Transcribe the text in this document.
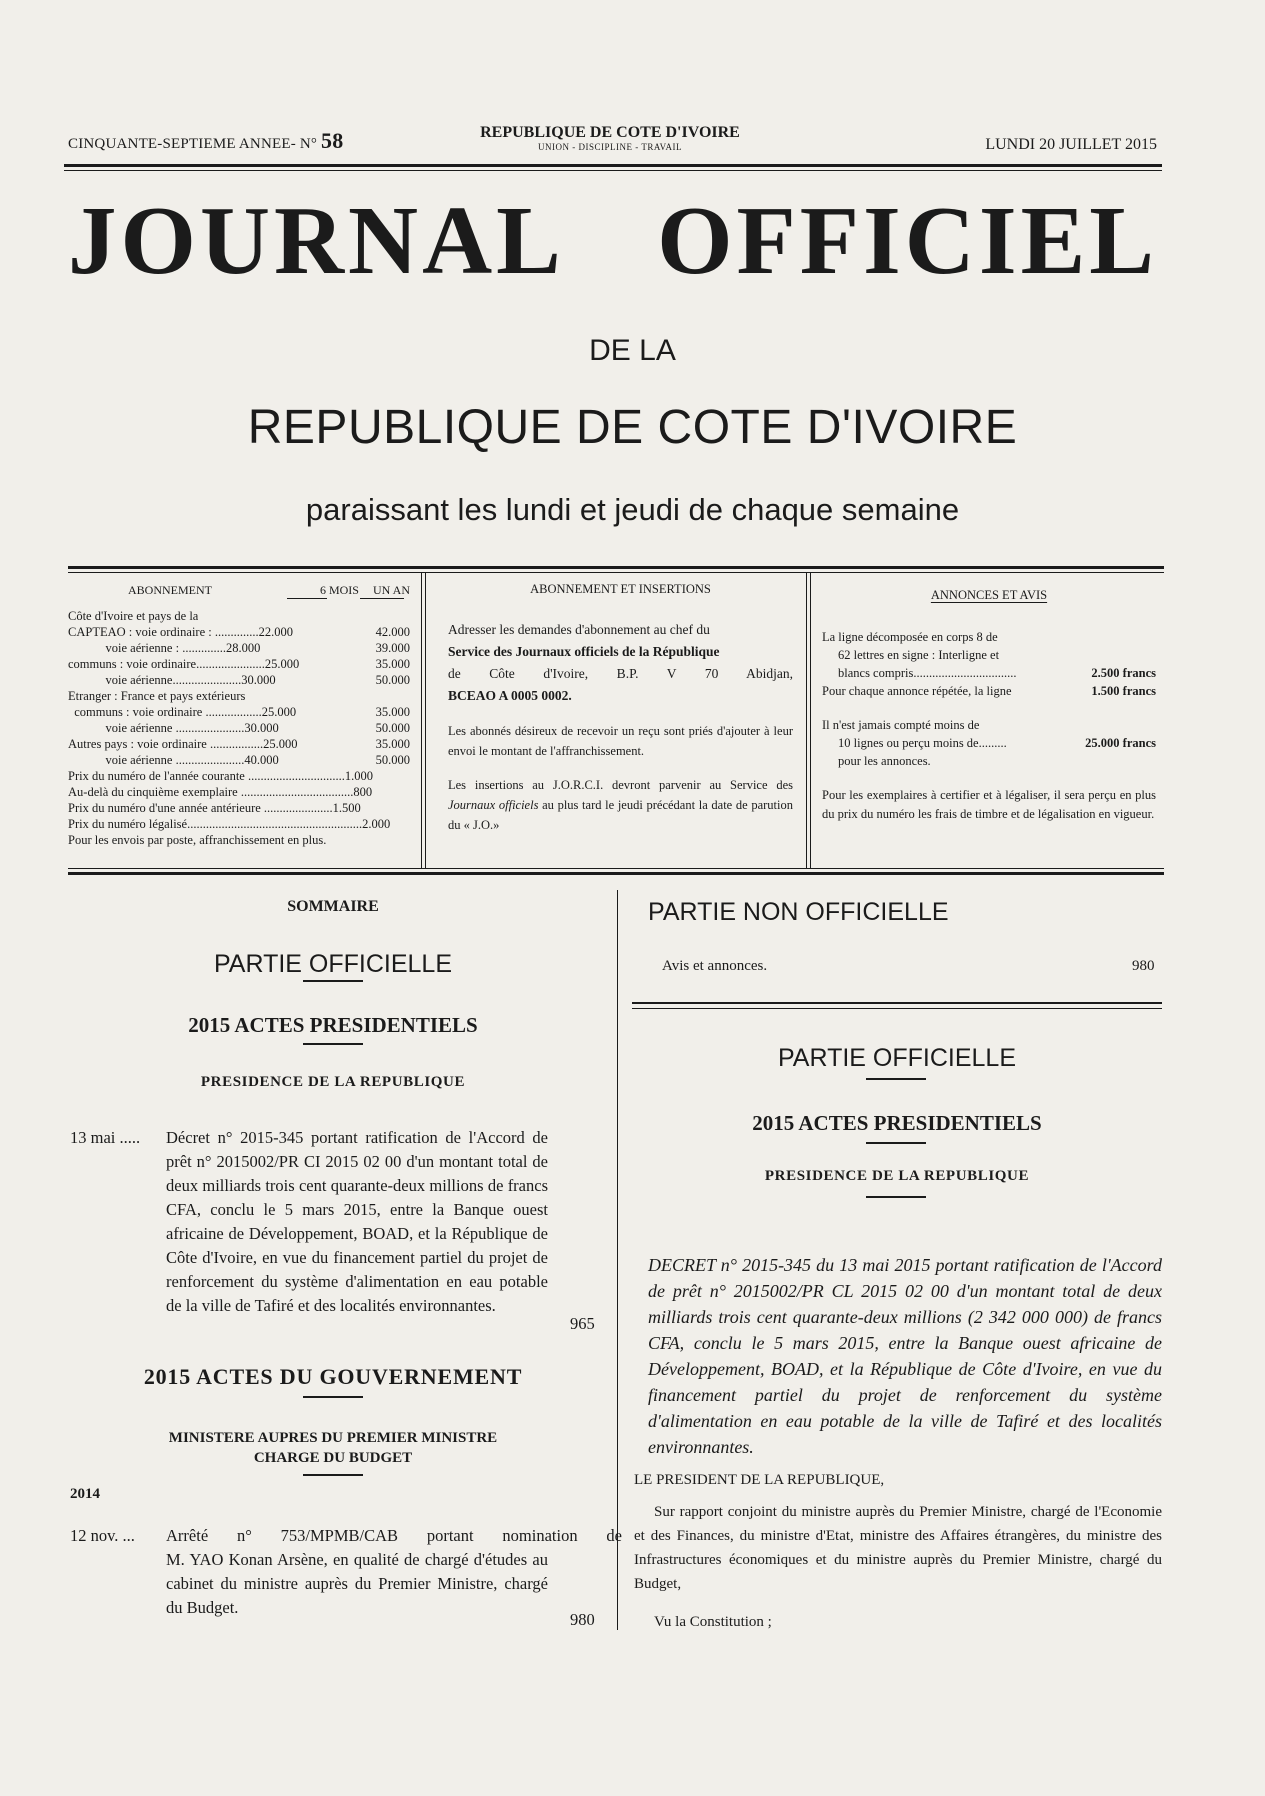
CINQUANTE-SEPTIEME ANNEE- N° 58	REPUBLIQUE DE COTE D'IVOIRE
UNION - DISCIPLINE - TRAVAIL	LUNDI 20 JUILLET 2015
JOURNAL OFFICIEL
DE LA
REPUBLIQUE DE COTE D'IVOIRE
paraissant les lundi et jeudi de chaque semaine
ABONNEMENT	6 MOIS UN AN
Côte d'Ivoire et pays de la
CAPTEAO : voie ordinaire : ..............22.000	42.000
voie aérienne : ..............28.000	39.000
communs : voie ordinaire......................25.000	35.000
voie aérienne......................30.000	50.000
Etranger : France et pays extérieurs
communs : voie ordinaire ..................25.000	35.000
voie aérienne ......................30.000	50.000
Autres pays : voie ordinaire .................25.000	35.000
voie aérienne ......................40.000	50.000
Prix du numéro de l'année courante ...............................1.000
Au-delà du cinquième exemplaire ....................................800
Prix du numéro d'une année antérieure ......................1.500
Prix du numéro légalisé........................................................2.000
Pour les envois par poste, affranchissement en plus.
ABONNEMENT ET INSERTIONS
Adresser les demandes d'abonnement au chef du
Service des Journaux officiels de la République
de Côte d'Ivoire, B.P. V 70 Abidjan,
BCEAO A 0005 0002.
Les abonnés désireux de recevoir un reçu sont priés d'ajouter à leur envoi le montant de l'affranchissement.
Les insertions au J.O.R.C.I. devront parvenir au Service des Journaux officiels au plus tard le jeudi précédant la date de parution du « J.O.»
ANNONCES ET AVIS
La ligne décomposée en corps 8 de
62 lettres en signe : Interligne et
blancs compris.................................	2.500 francs
Pour chaque annonce répétée, la ligne	1.500 francs
Il n'est jamais compté moins de
10 lignes ou perçu moins de.........	25.000 francs
pour les annonces.
Pour les exemplaires à certifier et à légaliser, il sera perçu en plus du prix du numéro les frais de timbre et de légalisation en vigueur.
SOMMAIRE
PARTIE OFFICIELLE
2015 ACTES PRESIDENTIELS
PRESIDENCE DE LA REPUBLIQUE
13 mai ..... Décret n° 2015-345 portant ratification de l'Accord de prêt n° 2015002/PR CI 2015 02 00 d'un montant total de deux milliards trois cent quarante-deux millions de francs CFA, conclu le 5 mars 2015, entre la Banque ouest africaine de Développement, BOAD, et la République de Côte d'Ivoire, en vue du financement partiel du projet de renforcement du système d'alimentation en eau potable de la ville de Tafiré et des localités environnantes.
965
2015 ACTES DU GOUVERNEMENT
MINISTERE AUPRES DU PREMIER MINISTRE
CHARGE DU BUDGET
2014
12 nov. ... Arrêté n° 753/MPMB/CAB portant nomination de
M. YAO Konan Arsène, en qualité de chargé d'études au cabinet du ministre auprès du Premier Ministre, chargé du Budget.
980
PARTIE NON OFFICIELLE
Avis et annonces.	980
PARTIE OFFICIELLE
2015 ACTES PRESIDENTIELS
PRESIDENCE DE LA REPUBLIQUE
DECRET n° 2015-345 du 13 mai 2015 portant ratification de l'Accord de prêt n° 2015002/PR CL 2015 02 00 d'un montant total de deux milliards trois cent quarante-deux millions (2 342 000 000) de francs CFA, conclu le 5 mars 2015, entre la Banque ouest africaine de Développement, BOAD, et la République de Côte d'Ivoire, en vue du financement partiel du projet de renforcement du système d'alimentation en eau potable de la ville de Tafiré et des localités environnantes.
LE PRESIDENT DE LA REPUBLIQUE,
Sur rapport conjoint du ministre auprès du Premier Ministre, chargé de l'Economie et des Finances, du ministre d'Etat, ministre des Affaires étrangères, du ministre des Infrastructures économiques et du ministre auprès du Premier Ministre, chargé du Budget,
Vu la Constitution ;
